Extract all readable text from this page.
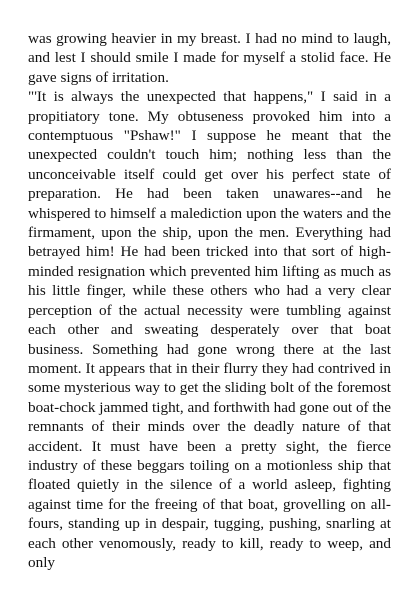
was growing heavier in my breast. I had no mind to laugh, and lest I should smile I made for myself a stolid face. He gave signs of irritation.

"'It is always the unexpected that happens," I said in a propitiatory tone. My obtuseness provoked him into a contemptuous "Pshaw!" I suppose he meant that the unexpected couldn't touch him; nothing less than the unconceivable itself could get over his perfect state of preparation. He had been taken unawares--and he whispered to himself a malediction upon the waters and the firmament, upon the ship, upon the men. Everything had betrayed him! He had been tricked into that sort of high-minded resignation which prevented him lifting as much as his little finger, while these others who had a very clear perception of the actual necessity were tumbling against each other and sweating desperately over that boat business. Something had gone wrong there at the last moment. It appears that in their flurry they had contrived in some mysterious way to get the sliding bolt of the foremost boat-chock jammed tight, and forthwith had gone out of the remnants of their minds over the deadly nature of that accident. It must have been a pretty sight, the fierce industry of these beggars toiling on a motionless ship that floated quietly in the silence of a world asleep, fighting against time for the freeing of that boat, grovelling on all-fours, standing up in despair, tugging, pushing, snarling at each other venomously, ready to kill, ready to weep, and only
